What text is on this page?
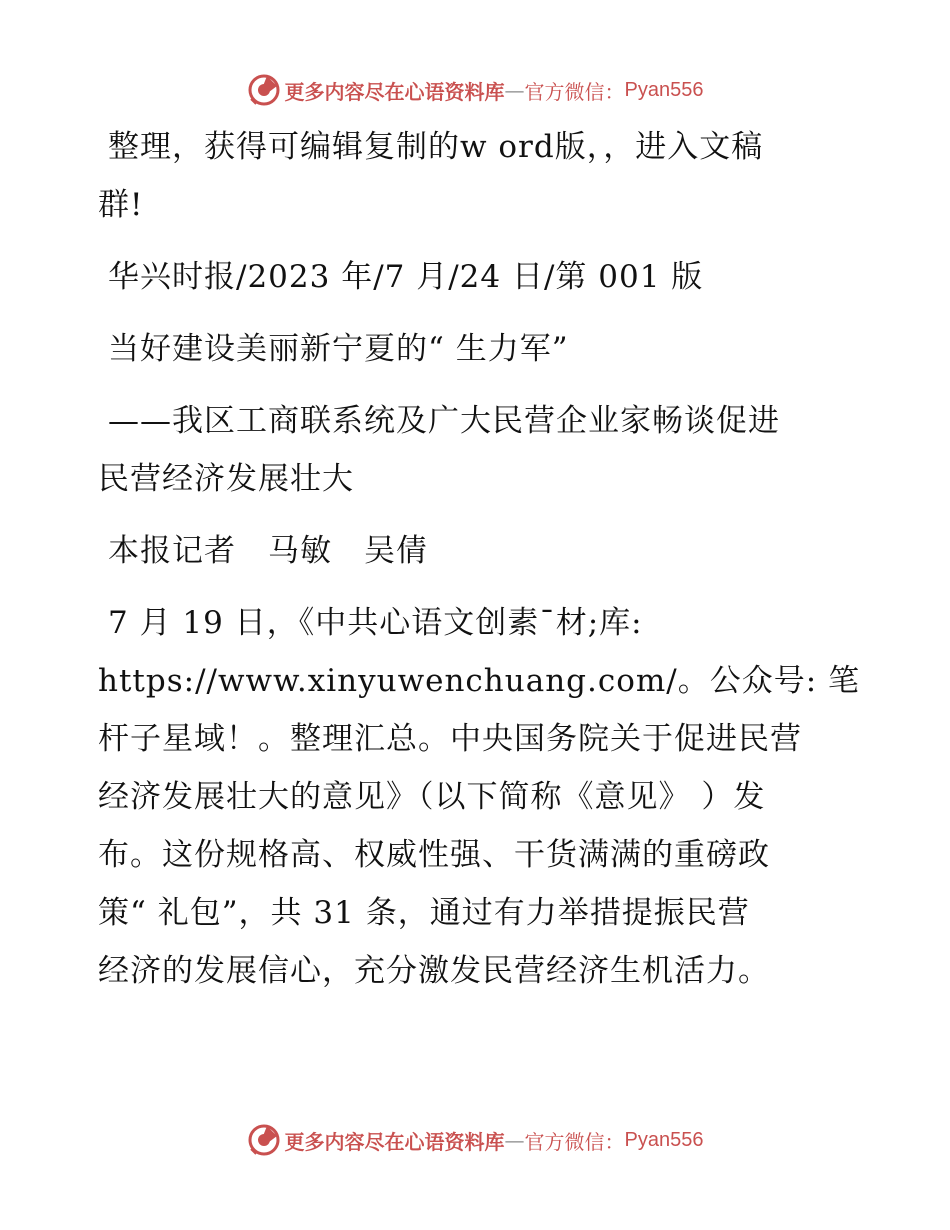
更多内容尽在心语资料库 — 官方微信： Pyan556
整理，获得可编辑复制的w ord版，，进入文稿
群!
华兴时报/2023 年/7 月/24 日/第 001 版
当好建设美丽新宁夏的“ 生力军”
——我区工商联系统及广大民营企业家畅谈促进
民营经济发展壮大
本报记者　马敏　吴倩
7 月 19 日，《中共心语文创素¯材;库:
https://www.xinyuwenchuang.com/。公众号: 笔
杆子星域！。整理汇总。中央国务院关于促进民营
经济发展壮大的意见》（以下简称《意见》 ）发
布。这份规格高、权威性强、干货满满的重磅政
策“ 礼包”，共 31 条，通过有力举措提振民营
经济的发展信心，充分激发民营经济生机活力。
更多内容尽在心语资料库 — 官方微信： Pyan556
